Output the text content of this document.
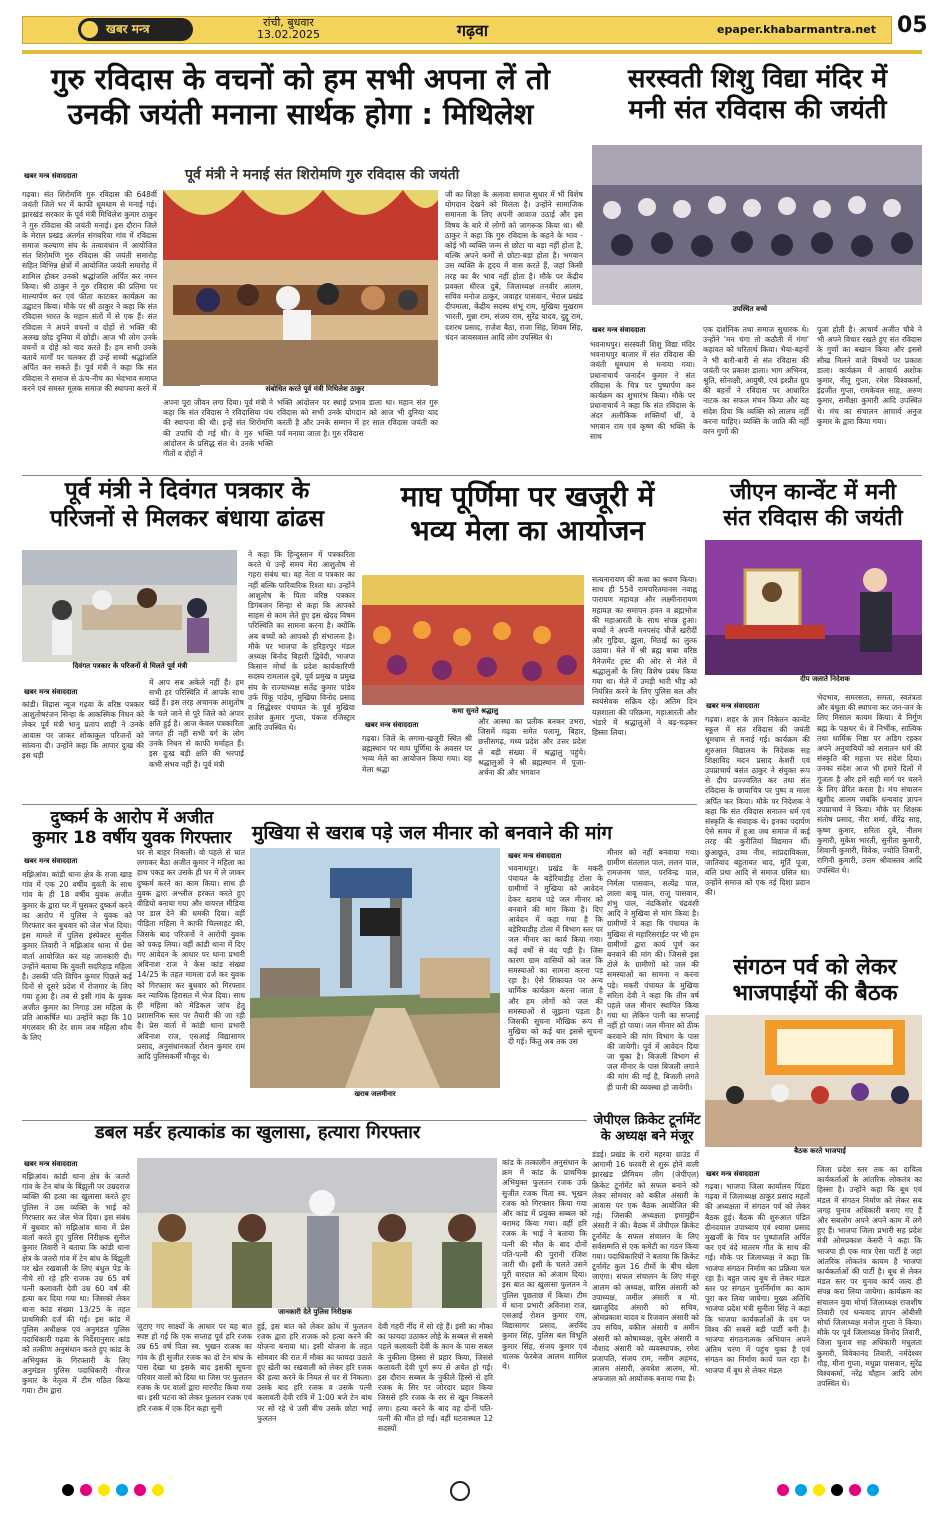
खबर मन्त्र	रांची, बुधवार
13.02.2025	गढ़वा	epaper.khabarmantra.net 05
गुरु रविदास के वचनों को हम सभी अपना लें तो
उनकी जयंती मनाना सार्थक होगा : मिथिलेश
खबर मन्त्र संवाददाता	पूर्व मंत्री ने मनाई संत शिरोमणि गुरु रविदास की जयंती
गढ़वा। संत शिरोमणि गुरु रविदास की 648वीं जयंती जिले भर में काफी धूमधाम से मनाई गई। झारखंड सरकार के पूर्व मंत्री मिथिलेश कुमार ठाकुर ने गुरु रविदास की जयंती मनाई। इस दौरान जिले के मेराल प्रखंड अंतर्गत संगबरिया गांव में रविदास समाज कल्याण संघ के तत्वावधान में आयोजित संत शिरोमणि गुरु रविदास की जयंती समारोह सहित विभिन्न क्षेत्रों में आयोजित जयंती समारोह में शामिल होकर उनको श्रद्धांजलि अर्पित कर नमन किया। श्री ठाकुर ने गुरु रविदास की प्रतिमा पर माल्यार्पण कर एवं फीता काटकर कार्यक्रम का उद्घाटन किया। मौके पर श्री ठाकुर ने कहा कि संत रविदास भारत के महान संतों में से एक हैं। संत रविदास ने अपने वचनों व दोहों से भक्ति की अलख छोड़ दुनिया में छोड़ी। आज भी लोग उनके वचनों व दोहे को याद करते हैं। हम सभी उनके बताये मार्गों पर चलकर ही उन्हें सच्ची श्रद्धांजलि अर्पित कर सकते हैं। पूर्व मंत्री ने कहा कि संत रविदास ने समाज से ऊंच-नीच का भेदभाव समाप्त करने एवं समस्त मूलक समाज की स्थापना करने में	संबोधित करते पूर्व मंत्री मिथिलेश ठाकुर
अपना पूरा जीवन लगा दिया। पूर्व मंत्री ने कहा कि संत रविदास ने रविदासिया पंथ की स्थापना की थी। इन्हें संत शिरोमणि की उपाधि दी गई थी। वे गुरु भक्ति आंदोलन के प्रसिद्ध संत थे। उनके भक्ति गीतों व दोहों ने
भक्ति आंदोलन पर स्थाई प्रभाव डाला था। महान संत गुरु रविदास को सभी उनके योगदान को आज भी दुनिया याद करती है और उनके सम्मान में हर साल रविदास जयंती का पर्व मनाया जाता है। गुरु रविदास
जी का शिक्षा के अलावा समाज सुधार में भी विशेष योगदान देखने को मिलता है। उन्होंने सामाजिक समानता के लिए अपनी आवाज उठाई और इस विषय के बारे में लोगों को जागरूक किया था। श्री ठाकुर ने कहा कि गुरु रविदास के कहने के भाव - कोई भी व्यक्ति जन्म से छोटा या बड़ा नहीं होता है, बल्कि अपने कर्मों से छोटा-बड़ा होता है। भगवान उस व्यक्ति के हृदय में वास करते हैं, जहां किसी तरह का बैर भाव नहीं होता है। मौके पर केंद्रीय प्रवक्ता धीरज दुबे, जिलाध्यक्ष तनवीर आलम, सचिव मनोज ठाकुर, जवाहर पासवान, मेराल प्रखंड दीपमाला, केंद्रीय सदस्य शंभू राम, मुखिया मुखराम भारती, मुन्ना राम, संजय राम, सुरेंद्र यादव, दुद्दू राम, दशरथ प्रसाद, राजेश बैठा, राजा सिंह, शिवम सिंह, चंदन जायसवाल आदि लोग उपस्थित थे।
सरस्वती शिशु विद्या मंदिर में
मनी संत रविदास की जयंती
उपस्थित बच्चे
खबर मन्त्र संवाददाता
भवनाथपुर। सरस्वती शिशु विद्या मंदिर भवनाथपुर बाजार में संत रविदास की जयंती धूमधाम से मनाया गया। प्रधानाचार्य जनार्दन कुमार ने संत रविदास के चित्र पर पुष्पार्पण कर कार्यक्रम का शुभारंभ किया। मौके पर प्रधानाचार्य ने कहा कि संत रविदास के अंदर अलौकिक शक्तियाँ थीं, वे भगवान राम एवं कृष्ण की भक्ति के साथ
एक दार्शनिक तथा समाज सुधारक थे। उन्होंने 'मन चंगा तो कठौती में गंगा' कहावत को चरितार्थ किया। भैया-बहनों ने भी बारी-बारी से संत रविदास की जयंती पर प्रकाश डाला। भाग अभिनव, श्रुति, सोनाक्षी, आयुषी, एवं इश्प्रीत ग्रुप की बहनों ने रविदास पर आधारित नाटक का सफल मंचन किया और यह संदेश दिया कि व्यक्ति को लालच नहीं करना चाहिए। व्यक्ति के जाति की नहीं वरन गुणों की
पूजा होती है। आचार्य अजीत चौबे ने भी अपने विचार रखते हुए संत रविदास के गुणों का बखान किया और इससे सीख मिलने वाले विषयों पर प्रकाश डाला। कार्यक्रम में आचार्य अशोक कुमार, नीतू गुप्ता, रमेश विश्वकर्मा, इंद्रजीत गुप्ता, रामकेवल साह, अरुण कुमार, समीक्षा कुमारी आदि उपस्थित थे। मंच का संचालन आचार्य अनुज कुमार के द्वारा किया गया।
पूर्व मंत्री ने दिवंगत पत्रकार के
परिजनों से मिलकर बंधाया ढांढस
दिवंगत पत्रकार के परिजनों से मिलते पूर्व मंत्री
खबर मन्त्र संवाददाता
कांडी। विद्रास न्यूज गढ़वा के वरिष्ठ पत्रकार आशुतोषरंजन सिन्हा के आकस्मिक निधन को लेकर पूर्व मंत्री भानु प्रताप शाही ने उनके आवास पर जाकर शोकाकुल परिजनों को सांत्वना दी। उन्होंने कहा कि आपार दुःख की इस घड़ी
में आप सब अकेले नहीं हैं। हम सभी हर परिस्थिति में आपके साथ खड़े हैं। इस तरह अचानक आशुतोष के चले जाने से पूरे जिले को अपार क्षति हुई है। आज केवल पत्रकारिता जगत ही नहीं सभी वर्ग के लोग उनके निधन से काफी मर्माहत हैं। इस दुःख बड़ी क्षति की भरपाई कभी संभव नहीं है। पूर्व मंत्री
ने कहा कि हिन्दुस्तान में पत्रकारिता करते थे उन्हें समय मेरा आशुतोष से गहरा संबंध था। वह नेता व पत्रकार का नहीं बल्कि पारिवारिक रिश्ता था। उन्होंने आशुतोष के पिता वरिष्ठ पत्रकार डिगंबजन सिन्हा से कहा कि आपको साहस से काम लेते हुए इस खेदद विषम परिस्थिति का सामना करना है। क्योंकि अब बच्चों को आपको ही संभालना है। मौके पर भाजपा के हरिहरपुर मंडल अध्यक्ष बिनोद बिहारी द्विवेदी, भाजपा किसान मोर्चा के प्रदेश कार्यकारिणी सदस्य रामलाल दुबे, पूर्व प्रमुख व प्रमुख संघ के राज्याध्यक्ष सतेंद्र कुमार पांडेय उर्फ पिंकू पांडेय, मुखिया विनोद प्रसाद व सिद्धेश्वर पंचायत के पूर्व मुखिया राजेश कुमार गुप्ता, पंकज रजिस्ट्रार आदि उपस्थित थे।
माघ पूर्णिमा पर खजूरी में
भव्य मेला का आयोजन
कथा सुनते श्रद्धालु
खबर मन्त्र संवाददाता
गढ़वा। जिले के लगमा-खजूरी स्थित श्री ब्रह्मस्थान पर माघ पूर्णिमा के अवसर पर भव्य मेले का आयोजन किया गया। यह मेला श्रद्धा
और आस्था का प्रतीक बनकर उभरा, जिसमें गढ़वा समेत पलामू, बिहार, छत्तीसगढ़, मध्य प्रदेश और उत्तर प्रदेश से बड़ी संख्या में श्रद्धालु पहुंचे। श्रद्धालुओं ने श्री ब्रह्मस्थान में पूजा-अर्चना की और भगवान
सत्यनारायण की कथा का श्रवण किया। साथ ही 55वें रामचरितमानस नवाह्न पारायण महायज्ञ और लक्ष्मीनारायण महायज्ञ का समापन हवन व ब्रह्मभोज की महाआरती के साथ संपन्न हुआ। बच्चों ने अपनी मनपसंद चीजें खरीदीं और गुड़िया, झूला, मिठाई का लुत्फ उठाया। मेले में श्री ब्रह्म बाबा वरिष्ठ मैनेजमेंट ट्रस्ट की ओर से मेले में श्रद्धालुओं के लिए विशेष प्रबंध किया गया था। मेले में उमड़ी भारी भीड़ को नियंत्रित करने के लिए पुलिस बल और स्वयंसेवक सक्रिय रहे। अंतिम दिन यज्ञशाला की परिक्रमा, महाआरती और भंडारे में श्रद्धालुओं ने बढ़-चढ़कर हिस्सा लिया।
जीएन कान्वेंट में मनी
संत रविदास की जयंती
दीप जलाते निदेशक
खबर मन्त्र संवाददाता
गढ़वा। शहर के ज्ञान निकेतन कान्वेंट स्कूल में संत रविदास की जयंती धूमधाम से मनाई गई। कार्यक्रम की शुरुआत विद्यालय के निदेशक सह शिक्षाविद मदन प्रसाद केशरी एवं उपप्राचार्य बसंत ठाकुर ने संयुक्त रूप से दीप प्रज्ज्वलित कर तथा संत रविदास के छायाचित्र पर पुष्प व माला अर्पित कर किया। मौके पर निदेशक ने कहा कि संत रविदास सनातन धर्म एवं संस्कृति के संवाहक थे। इनका पदार्पण ऐसे समय में हुआ जब समाज में कई तरह की कुरीतियां विद्यमान थीं। छुआछूत, उच्च नीच, सांप्रदायिकता, जातिवाद बहुतायत थाद, मूर्ति पूजा, बलि प्रथा आदि से समाज ग्रसित था। उन्होंने समाज को एक नई दिशा प्रदान की।
भेदभाव, समरसता, समता, स्वतंत्रता और बंधुता की स्थापना कर जन-जन के लिए मिसाल कायम किया। वे निर्गुण ब्रह्म के पक्षधर थे। वे निर्भीक, सात्विक तथा धार्मिक निष्ठा पर अडिग रहकर अपने अनुयायियों को सनातन धर्म की संस्कृति की महत्ता पर संदेश दिया। उनका संदेश आज भी हमारे दिलों में गूंजता है और हमें सही मार्ग पर चलने के लिए प्रेरित करता है। मंच संचालन खुशीद आलम जबकि धन्यवाद ज्ञापन उपप्राचार्य ने किया। मौके पर शिक्षक संतोष प्रसाद, नीरा शर्मा, वीरेंद्र साह, कृष्ण कुमार, सरिता दुबे, नीलम कुमारी, मुकेश भारती, सुनीता कुमारी, शिवानी कुमारी, विवेक, ज्योति तिवारी, रागिनी कुमारी, उत्तम श्रीवास्तव आदि उपस्थित थे।
दुष्कर्म के आरोप में अजीत
कुमार 18 वर्षीय युवक गिरफ्तार
खबर मन्त्र संवाददाता
मझिआंव। कांडी थाना क्षेत्र के राजा खाड़ गांव में एक 20 वर्षीय युवती के साथ गांव के ही 18 वर्षीय युवक अजीत कुमार के द्वारा घर में घुसकर दुष्कर्म करने का आरोप में पुलिस ने युवक को गिरफ्तार कर बुधवार को जेल भेज दिया। इस मामले में पुलिस इंस्पेक्टर सुनील कुमार तिवारी ने मझिआंव थाना में प्रेस वार्ता आयोजित कर यह जानकारी दी। उन्होंने बताया कि युवती सदरिहाड़ महिला है। उसकी पति विपिन कुमार पिछले कई दिनों से दूसरे प्रदेश में रोजगार के लिए गया हुआ है। तब से इसी गांव के युवक अजीत कुमार का निगाह उस महिला के प्रति आकर्षित था। उन्होंने कहा कि 10 मंगलवार की देर शाम जब महिला शौच के लिए
घर से बाहर निकली। वो पहले से घात लगाकर बैठा अजीत कुमार ने महिला का हाथ पकड़ कर उसके ही घर में ले जाकर दुष्कर्म करने का काम किया। साथ ही युवक द्वारा अश्लील हरकत करते हुए वीडियो बनाया गया और वायरल मीडिया पर डाल देने की धमकी दिया। वहीं पीड़िता महिला ने काफी चिल्लाहट की, जिसके बाद परिजनों ने आरोपी युवक को पकड़ लिया। वहीं कांडी थाना में दिए गए आवेदन के आधार पर थाना प्रभारी अविनाश राज ने केस कांड संख्या 14/25 के तहत मामला दर्ज कर युवक को गिरफ्तार कर बुधवार को गिरफ्तार कर न्यायिक हिरासत में भेज दिया। साथ ही महिला को मेडिकल जांच हेतु प्रशासनिक स्तर पर तैयारी की जा रही है। प्रेस वार्ता में कांडी थाना प्रभारी अविनाश राज, एसआई विद्यासागर प्रसाद, अनुसंधानकर्ता रोशन कुमार राम आदि पुलिसकर्मी मौजूद थे।
मुखिया से खराब पड़े जल मीनार को बनवाने की मांग
खराब जलमीनार
खबर मन्त्र संवाददाता
भवनाथपुर। प्रखंड के मकरी पंचायत के बड़ेरियाडीह टोला के ग्रामीणों ने मुखिया को आवेदन देकर खराब पड़े जल मीनार को बनवाने की मांग किया है। दिए आवेदन में कहा गया है कि बड़ेरियाडीह टोला में विभाग स्तर पर जल मीनार का कार्य किया गया। कई वर्षों से बंद पड़ी है। जिस कारण ग्राम वासियों को जल कि समस्याओं का सामना करना पड़ रहा है। ऐसे शिकायत पर अन्य धार्मिक कार्यक्रम करना जाता है और हम लोगों को जल की समस्याओं से जूझना पड़ता है। जिसकी सूचना मौखिक रूप से मुखिया को कई बार इससे सूचना दी गई। किंतु अब तक उस
मीनार को नहीं बनवाया गया। ग्रामीण संतलाल पाल, ललन पाल, रामजनम पाल, परविन्द्र पाल, निर्मला पासवान, सत्येंद्र पाल, लाला बाबू पाल, राजू पासवान, शंभु पाल, नंदकिशोर चंद्रवंशी आदि ने मुखिया से मांग किया है। ग्रामीणों ने कहा कि पंचायत के मुखिया से महारिसराईट पर भी हम ग्रामीणों द्वारा कार्य पूर्ण कर बनवाने की मांग की। जिससे इस टोले के ग्रामीणों को जल की समस्याओं का सामना न करना पड़े। मकरी पंचायत के मुखिया सरिता देवी ने कहा कि तीन वर्ष पहले जल मीनार स्थापित किया गया था लेकिन पानी का सप्लाई नहीं हो पाया। जल मीनार को ठीक करवाने की मांग विभाग के पास की जायेगी। पूर्व में आवेदन दिया जा चुका है। बिजली विभाग से जल मीनार के पास बिजली लगाने की मांग की गई है, बिजली लगते ही पानी की व्यवस्था हो जायेगी।
संगठन पर्व को लेकर
भाजपाईयों की बैठक
बैठक करते भाजपाई
खबर मन्त्र संवाददाता
गढ़वा। भाजपा जिला कार्यालय पिंडरा गढ़वा में जिलाध्यक्ष ठाकुर प्रसाद महतो की अध्यक्षता में संगठन पर्व को लेकर बैठक हुई। बैठक की शुरुआत पंडित दीनदयाल उपाध्याय एवं श्यामा प्रसाद मुखर्जी के चित्र पर पुष्पांजलि अर्पित कर एवं वंदे मातरम गीत के साथ की गई। मौके पर जिलाध्यक्ष ने कहा कि भाजपा संगठन निर्माण का प्रक्रिया चल रहा है। बहुत जल्द बूथ से लेकर मंडल स्तर पर संगठन पुनर्निर्माण का काम पूरा कर लिया जायेगा। मुख्य अतिथि भाजपा प्रदेश मंत्री सुनीता सिंह ने कहा कि भाजपा कार्यकर्ताओं के दम पर विश्व की सबसे बड़ी पार्टी बनी है। भाजपा संगठनात्मक अभियान अपने अंतिम चरण में पहुंच चुका है एवं संगठन का निर्माण कार्य चल रहा है। भाजपा में बूथ से लेकर मंडल
जिला प्रदेश स्तर तक का दायित्व कार्यकर्ताओं के आंतरिक लोकतंत्र का हिस्सा है। उन्होंने कहा कि बूथ एवं मंडल में संगठन निर्माण को लेकर सब जगह चुनाव अधिकारी बनाए गए हैं और सबलोग अपने अपने काम में लगे हुए हैं। भाजपा जिला प्रभारी सह प्रदेश मंत्री ओमप्रकाश केसरी ने कहा कि भाजपा ही एक मात्र ऐसा पार्टी है जहां आंतरिक लोकतंत्र कायम है भाजपा कार्यकर्ताओं की पार्टी है। बूथ से लेकर मंडल स्तर पर चुनाव कार्य जल्द ही संपन्न करा लिया जायेगा। कार्यक्रम का संचालन युवा मोर्चा जिलाध्यक्ष राजशीष तिवारी एवं धन्यवाद ज्ञापन ओबीसी मोर्चा जिलाध्यक्ष मनोज गुप्ता ने किया। मौके पर पूर्व जिलाध्यक्ष विनोद तिवारी, जिला चुनाव सह अधिकारी मधुलता कुमारी, विवेकानंद तिवारी, नर्मदेश्वर गौड़, मीना गुप्ता, मधुप्रा पासवान, सुरेंद्र विश्वकर्मा, नरेंद्र चौहान आदि लोग उपस्थित थे।
जेपीएल क्रिकेट टूर्नामेंट
के अध्यक्ष बने मंजूर
डंडई। प्रखंड के रारो महरवा ग्राउंड में आगामी 16 फरवरी से शुरू होने वाली झारखंड प्रीमियम लीग (जेपीएल) क्रिकेट टूर्नामेंट को सफल बनाने को लेकर सोमवार को बकील अंसारी के आवास पर एक बैठक आयोजित की गई। जिसकी अध्यक्षता इमामुद्दीन अंसारी ने की। बैठक में जेपीएल क्रिकेट टूर्नामेंट के सफल संचालन के लिए सर्वसम्मति से एक कमेटी का गठन किया गया। पदाधिकारियों ने बताया कि क्रिकेट टूर्नामेंट कुल 16 टीमों के बीच खेला जाएगा। सफल संचालन के लिए मंजूर आलम को अध्यक्ष, वारिस अंसारी को उपाध्यक्ष, जमील अंसारी व मो. ख्वाजुदिद अंसारी को सचिव, ओमप्रकाश यादव व रिजवान अंसारी को उप सचिव, वकील अंसारी व अमीन अंसारी को कोषाध्यक्ष, जुबेर अंसारी व नौशाद अंसारी को व्यवस्थापक, रमेश प्रजापति, संजय राम, नसीम अहमद, आलम अंसारी, अवधेश आलम, मो. अफजाल को आयोजक बनाया गया है।
डबल मर्डर हत्याकांड का खुलासा, हत्यारा गिरफ्तार
खबर मन्त्र संवाददाता
मझिआंव। कांडी थाना क्षेत्र के जतरो गांव के टेन बांध के बिंझुली पर उम्रदराज व्यक्ति की हत्या का खुलासा करते हुए पुलिस ने उस व्यक्ति के भाई को गिरफ्तार कर जेल भेज दिया। इस संबंध में बुधवार को मझिआंव थाना में प्रेस वार्ता करते हुए पुलिस निरीक्षक सुनील कुमार तिवारी ने बताया कि कांडी थाना क्षेत्र के जतरो गांव में टेन बांध के बिंझुली पर खेत रखवाली के लिए बंधुल पेड़ के नीचे सो रहे हरि राजक उम्र 65 वर्ष पत्नी कलावती देवी उम्र 60 वर्ष की हत्या कर दिया गया था। जिसको लेकर थाना कांड संख्या 13/25 के तहत प्राथमिकी दर्ज की गई। इस कांड में पुलिस अधीक्षक एवं अनुमंडल पुलिस पदाधिकारी गढ़वा के निर्देशानुसार कांड को तत्कीण अनुसंधान करते हुए कांड के अभियुक्त के गिरफ्तारी के लिए अनुमंडल पुलिस पदाधिकारी नीरज कुमार के नेतृत्व में टीम गठित किया गया। टीम द्वारा
जानकारी देते पुलिस निरीक्षक
जुटाए गए साक्ष्यों के आधार पर यह बात स्पष्ट हो गई कि एक सप्ताह पूर्व हरि रजक उम्र 65 वर्ष पिता स्व. भुखन राजक का गांव के ही सुजीत रजक का दो टेन बांध के पास देखा था इसके बाद इसकी सूचना परिवार वालों को दिया था जिस पर फुलतन रजक के पर वालों द्वारा मारपीट किया गया था। इसी घटना को लेकर फुलतन रजक एवं हरि रजक में एक दिन कहा सुनी
हुई, इस बात को लेकर क्रोध में फुलतन रजक द्वारा हरि राजक को हत्या करने की योजना बनाया था। इसी योजना के तहत सोमवार की रात में मौका का फायदा उठाते हुए खेती का रखवाली को लेकर हरि रजक की हत्या करने के नियत से घर से निकला। उसके बाद हरि रजक व उसके पत्नी कलावती देवी रात्रि में 1:00 बजे टेन बांध पर सो रहे थे उसी बीच उसके छोटा भाई फुलतन
देवी गहरी नींद में सो रहे हैं। इसी का मौका का फायदा उठाकर लोहे के सब्बल से सबसे पहले कलावती देवी के कान के पास सबल के नुकीला हिस्सा से प्रहार किया, जिससे कलावती देवी पूर्ण रूप से अचेत हो गई। इस दौरान सब्बल के नुकीले हिस्से से हरि रजक के सिर पर जोरदार प्रहार किया जिससे हरि रजक के सर से खून निकलने लगा। हत्या करने के बाद वह दोनों पति-पत्नी की मौत हो गई। वहीं घटनास्थल 12 सदस्यों
कांड के तत्कालीन अनुसंधान के क्रम में कांड के प्राथमिक अभियुक्त फुलतन रजक उर्फ सुजीत रजक पिता स्व. भूखन रजक को गिरफ्तार किया गया और कांड में प्रयुक्त सब्बल को बरामद किया गया। वहीं हरि रजक के भाई ने बताया कि पत्नी की मौत के बाद दोनों पति-पत्नी की पुरानी रंजिश जारी थी। इसी के चलते उसने पूरी वारदात को अंजाम दिया। इस बात का खुलासा फुलतन ने पुलिस पूछताछ में किया। टीम में थाना प्रभारी अविनाश राज, एसआई रोशन कुमार राम, विद्यासागर प्रसाद, अरविंद कुमार सिंह, पुलिस बल विभूति कुमार सिंह, संजय कुमार एवं चालक फेरबेज आलम शामिल थे।
